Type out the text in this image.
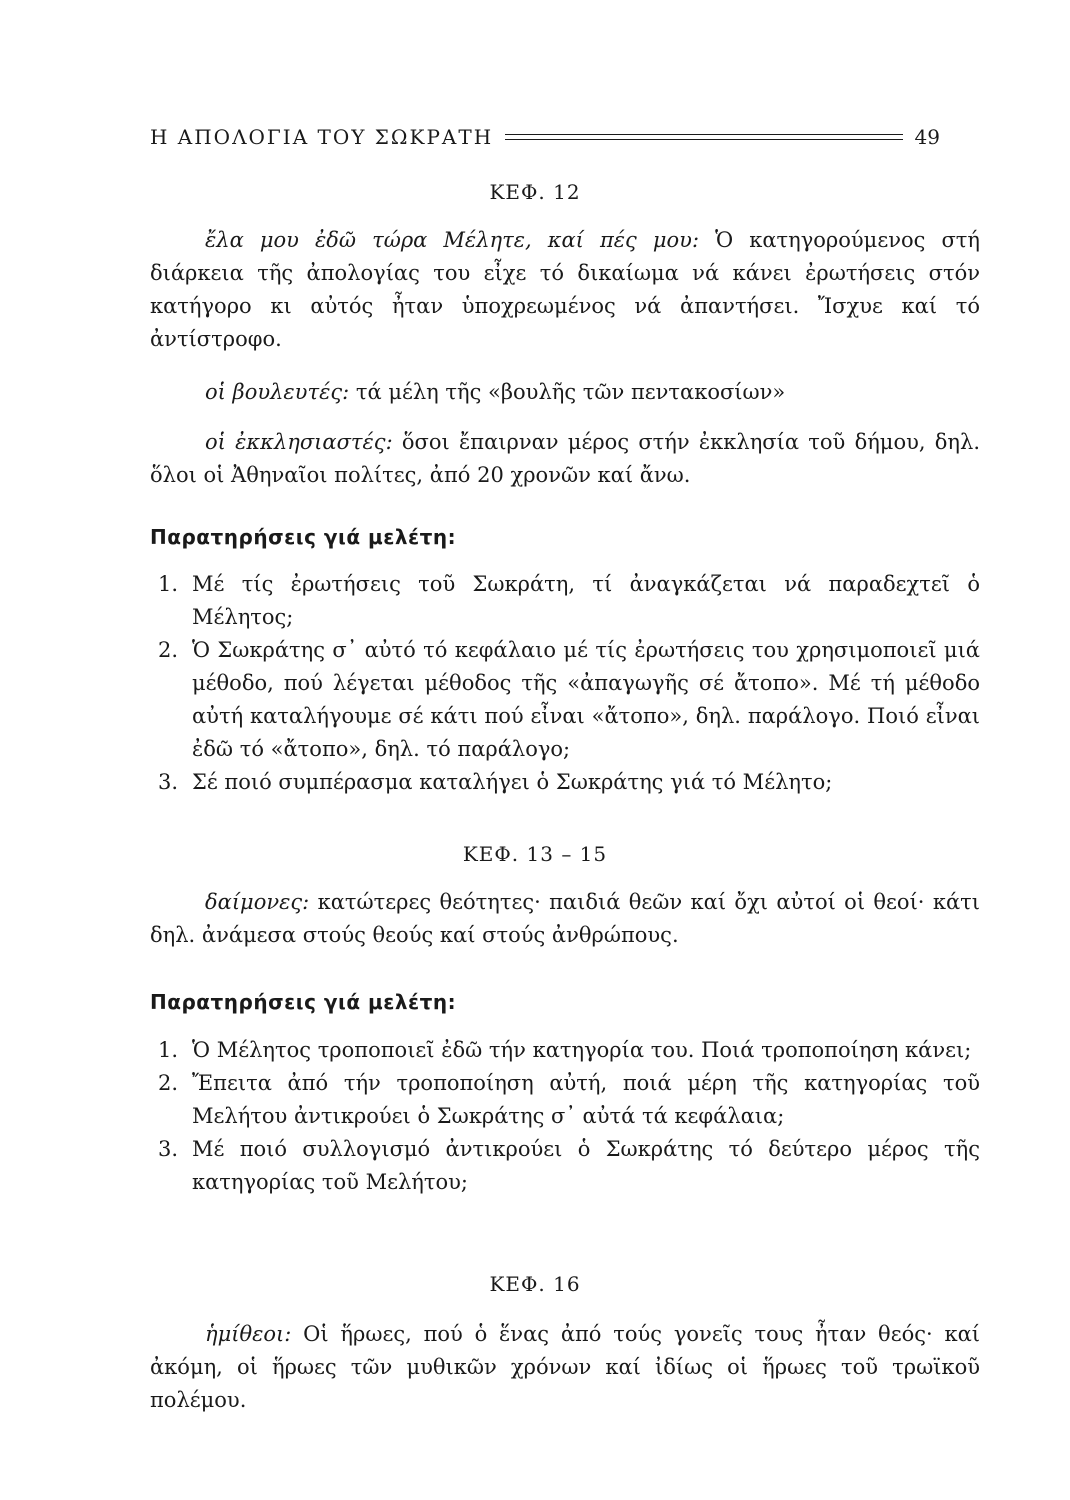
Η ΑΠΟΛΟΓΙΑ ΤΟΥ ΣΩΚΡΑΤΗ	49
ΚΕΦ. 12

ἔλα μου ἐδῶ τώρα Μέλητε, καί πές μου: Ὁ κατηγορούμενος στή διάρκεια τῆς ἀπολογίας του εἶχε τό δικαίωμα νά κάνει ἐρωτήσεις στόν κατήγορο κι αὐτός ἦταν ὑποχρεωμένος νά ἀπαντήσει. Ἴσχυε καί τό ἀντίστροφο.

οἱ βουλευτές: τά μέλη τῆς «βουλῆς τῶν πεντακοσίων»

οἱ ἐκκλησιαστές: ὅσοι ἔπαιρναν μέρος στήν ἐκκλησία τοῦ δήμου, δηλ. ὅλοι οἱ Ἀθηναῖοι πολίτες, ἀπό 20 χρονῶν καί ἄνω.

Παρατηρήσεις γιά μελέτη:

1. Μέ τίς ἐρωτήσεις τοῦ Σωκράτη, τί ἀναγκάζεται νά παραδεχτεῖ ὁ Μέλητος;

2. Ὁ Σωκράτης σ᾽ αὐτό τό κεφάλαιο μέ τίς ἐρωτήσεις του χρησιμοποιεῖ μιά μέθοδο, πού λέγεται μέθοδος τῆς «ἀπαγωγῆς σέ ἄτοπο». Μέ τή μέθοδο αὐτή καταλήγουμε σέ κάτι πού εἶναι «ἄτοπο», δηλ. παράλογο. Ποιό εἶναι ἐδῶ τό «ἄτοπο», δηλ. τό παράλογο;

3. Σέ ποιό συμπέρασμα καταλήγει ὁ Σωκράτης γιά τό Μέλητο;

ΚΕΦ. 13 – 15

δαίμονες: κατώτερες θεότητες· παιδιά θεῶν καί ὄχι αὐτοί οἱ θεοί· κάτι δηλ. ἀνάμεσα στούς θεούς καί στούς ἀνθρώπους.

Παρατηρήσεις γιά μελέτη:

1. Ὁ Μέλητος τροποποιεῖ ἐδῶ τήν κατηγορία του. Ποιά τροποποίηση κάνει;

2. Ἔπειτα ἀπό τήν τροποποίηση αὐτή, ποιά μέρη τῆς κατηγορίας τοῦ Μελήτου ἀντικρούει ὁ Σωκράτης σ᾽ αὐτά τά κεφάλαια;

3. Μέ ποιό συλλογισμό ἀντικρούει ὁ Σωκράτης τό δεύτερο μέρος τῆς κατηγορίας τοῦ Μελήτου;

ΚΕΦ. 16

ἡμίθεοι: Οἱ ἥρωες, πού ὁ ἕνας ἀπό τούς γονεῖς τους ἦταν θεός· καί ἀκόμη, οἱ ἥρωες τῶν μυθικῶν χρόνων καί ἰδίως οἱ ἥρωες τοῦ τρωϊκοῦ πολέμου.
